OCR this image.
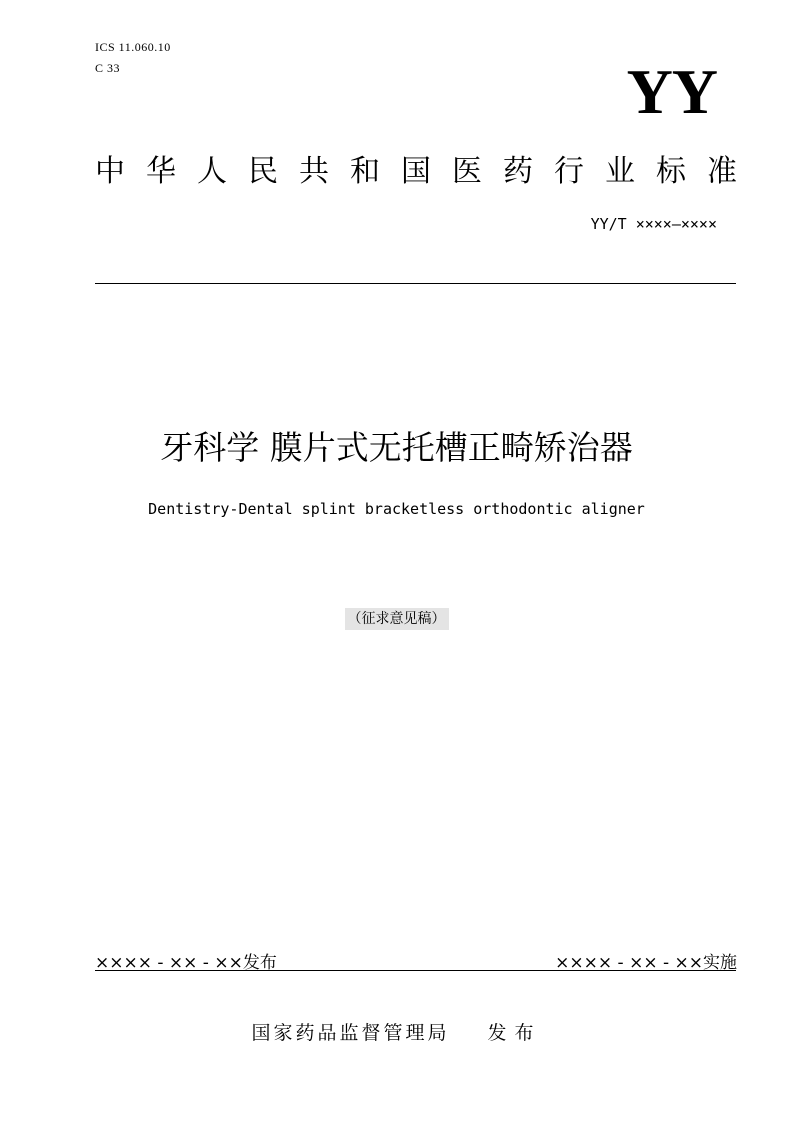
ICS 11.060.10
C 33	YY
中 华 人 民 共 和 国 医 药 行 业 标 准
YY/T ××××—××××
牙科学 膜片式无托槽正畸矫治器
Dentistry-Dental splint bracketless orthodontic aligner
（征求意见稿）
×××× - ×× - ××发布	×××× - ×× - ××实施
国家药品监督管理局 发布
